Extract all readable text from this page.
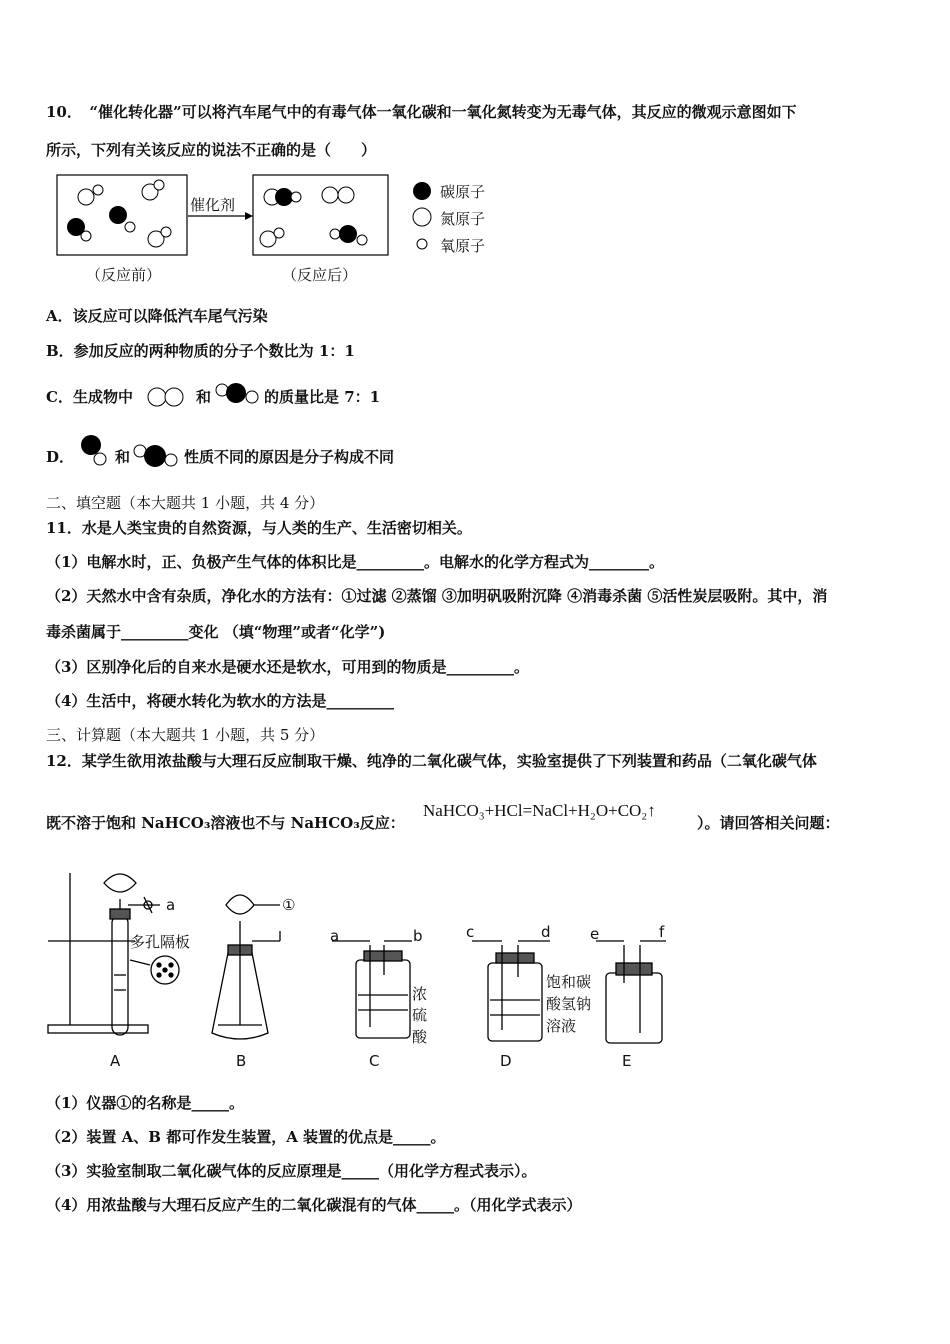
10．　“催化转化器”可以将汽车尾气中的有毒气体一氧化碳和一氧化氮转变为无毒气体，其反应的微观示意图如下
所示，下列有关该反应的说法不正确的是（　　）
催化剂
（反应前）	（反应后）
碳原子
氮原子
氧原子
A．该反应可以降低汽车尾气污染
B．参加反应的两种物质的分子个数比为 1：1
C．生成物中	和	的质量比是 7：1
D．	和	性质不同的原因是分子构成不同
二、填空题（本大题共 1 小题，共 4 分）
11．水是人类宝贵的自然资源，与人类的生产、生活密切相关。
（1）电解水时，正、负极产生气体的体积比是_________。电解水的化学方程式为________。
（2）天然水中含有杂质，净化水的方法有：①过滤 ②蒸馏 ③加明矾吸附沉降 ④消毒杀菌 ⑤活性炭层吸附。其中，消
毒杀菌属于_________变化 （填“物理”或者“化学”)
（3）区别净化后的自来水是硬水还是软水，可用到的物质是_________。
（4）生活中，将硬水转化为软水的方法是_________
三、计算题（本大题共 1 小题，共 5 分）
12．某学生欲用浓盐酸与大理石反应制取干燥、纯净的二氧化碳气体，实验室提供了下列装置和药品（二氧化碳气体
既不溶于饱和 NaHCO₃溶液也不与 NaHCO₃反应：
NaHCO₃+HCl=NaCl+H₂O+CO₂↑
）。请回答相关问题：
a
多孔隔板
①
a	b	c	d	e	f
浓
硫
酸
饱和碳
酸氢钠
溶液
A	B	C	D	E
（1）仪器①的名称是_____。
（2）装置 A、B 都可作发生装置，A 装置的优点是_____。
（3）实验室制取二氧化碳气体的反应原理是_____（用化学方程式表示）。
（4）用浓盐酸与大理石反应产生的二氧化碳混有的气体_____。（用化学式表示）
